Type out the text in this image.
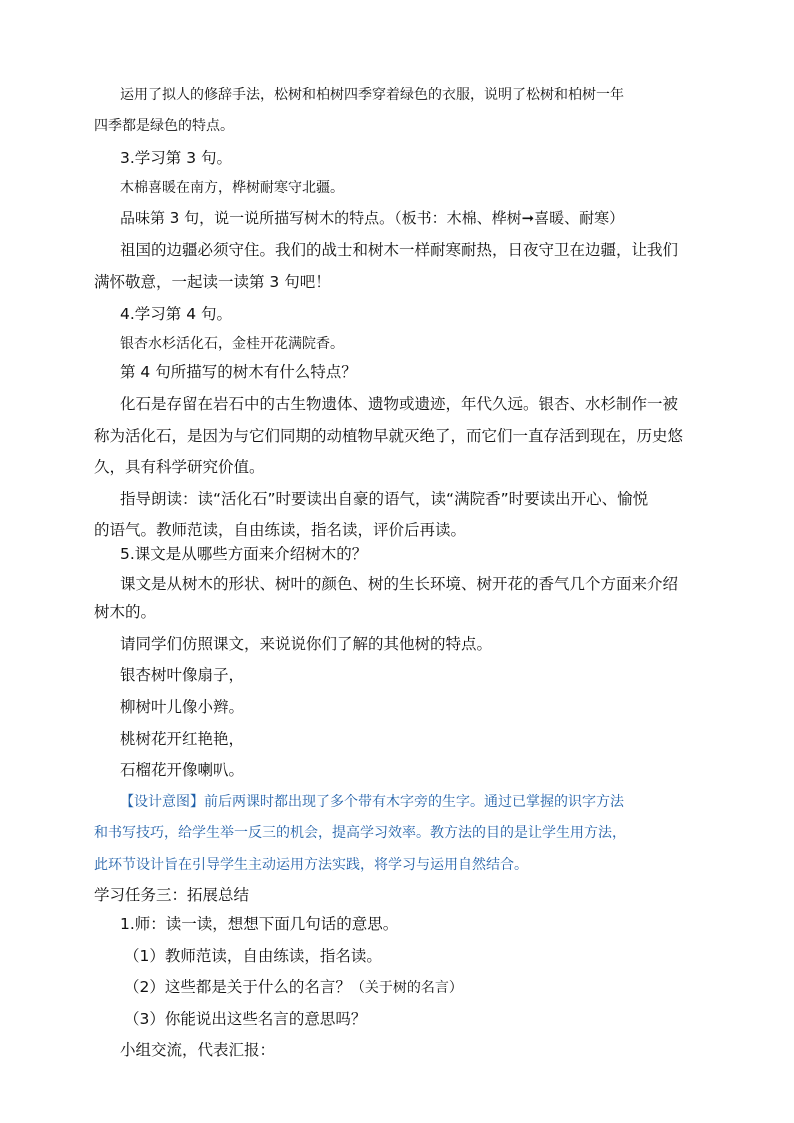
运用了拟人的修辞手法，松树和柏树四季穿着绿色的衣服，说明了松树和柏树一年
四季都是绿色的特点。
3.学习第 3 句。
木棉喜暖在南方，桦树耐寒守北疆。
品味第 3 句，说一说所描写树木的特点。（板书：木棉、桦树➞喜暖、耐寒）
祖国的边疆必须守住。我们的战士和树木一样耐寒耐热，日夜守卫在边疆，让我们
满怀敬意，一起读一读第 3 句吧！
4.学习第 4 句。
银杏水杉活化石，金桂开花满院香。
第 4 句所描写的树木有什么特点？
化石是存留在岩石中的古生物遗体、遗物或遗迹，年代久远。银杏、水杉制作一被
称为活化石，是因为与它们同期的动植物早就灭绝了，而它们一直存活到现在，历史悠
久，具有科学研究价值。
指导朗读：读“活化石”时要读出自豪的语气，读“满院香”时要读出开心、愉悦
的语气。教师范读，自由练读，指名读，评价后再读。
5.课文是从哪些方面来介绍树木的？
课文是从树木的形状、树叶的颜色、树的生长环境、树开花的香气几个方面来介绍
树木的。
请同学们仿照课文，来说说你们了解的其他树的特点。
银杏树叶像扇子，
柳树叶儿像小辫。
桃树花开红艳艳，
石榴花开像喇叭。
【设计意图】前后两课时都出现了多个带有木字旁的生字。通过已掌握的识字方法
和书写技巧，给学生举一反三的机会，提高学习效率。教方法的目的是让学生用方法，
此环节设计旨在引导学生主动运用方法实践，将学习与运用自然结合。
学习任务三：拓展总结
1.师：读一读，想想下面几句话的意思。
（1）教师范读，自由练读，指名读。
（2）这些都是关于什么的名言？（关于树的名言）
（3）你能说出这些名言的意思吗？
小组交流，代表汇报：
